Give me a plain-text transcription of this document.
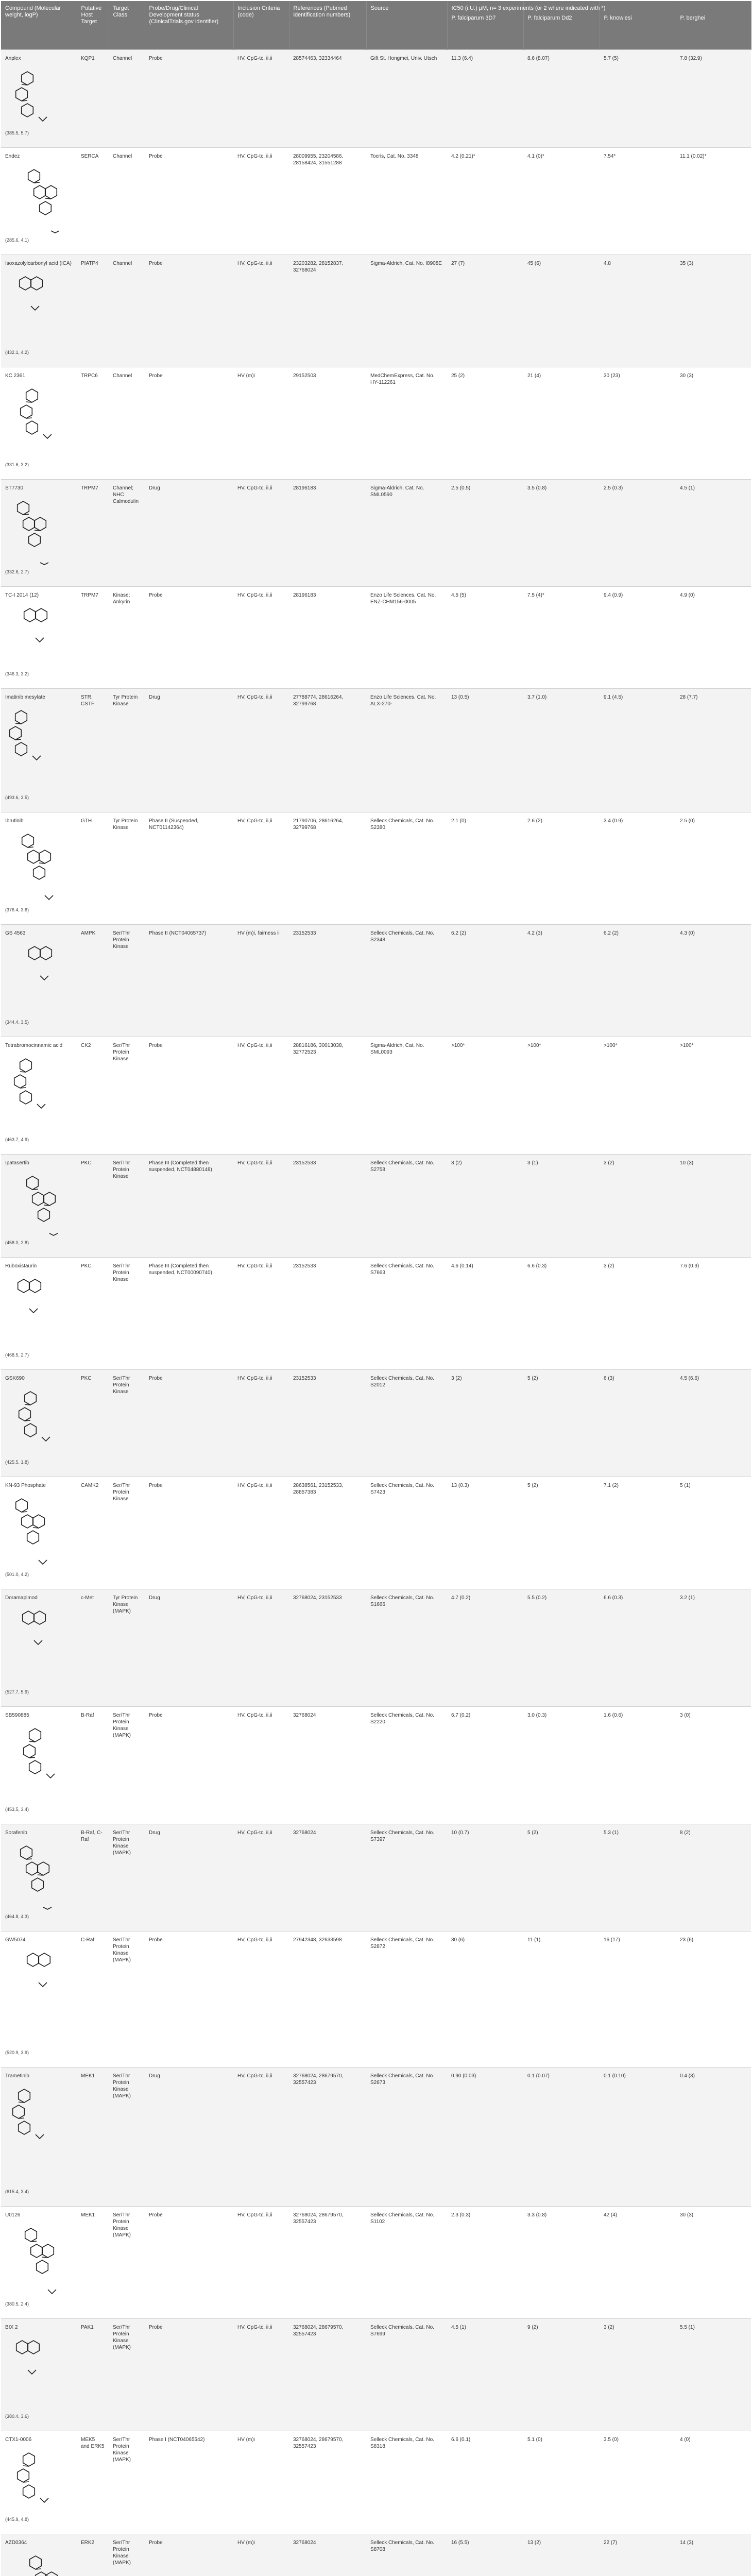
Compound (Molecular weight, logP)	Putative Host Target	Target Class	Probe/Drug/Clinical Development status (ClinicalTrials.gov identifier)	Inclusion Criteria (code)	References (Pubmed identification numbers)	Source	IC50 (i.U.) μM, n= 3 experiments (or 2 where indicated with *)
P. falciparum 3D7	P. falciparum Dd2	P. knowlesi	P. berghei

Anplex
(385.5, 5.7)	KQP1	Channel	Probe	HV, CpG-tc, ii,ii	28574463, 32334464	Gift St. Hongmei, Univ. Utsch	11.3 (6.4)	8.6 (8.07)	5.7 (5)	7.8 (32.9)

Endez
(285.6, 4.1)	SERCA	Channel	Probe	HV, CpG-tc, ii,ii	28009955, 23204586, 28158424, 31551288	Tocris, Cat. No. 3348	4.2 (0.21)*	4.1 (0)*	7.54*	11.1 (0.02)*

Isoxazolylcarbonyl acid (ICA)
(432.1, 4.2)	PfATP4	Channel	Probe	HV, CpG-tc, ii,ii	23203282, 28152837, 32768024	Sigma-Aldrich, Cat. No. I8908E	27 (7)	45 (6)	4.8	35 (3)

KC 2361
(331.6, 3.2)	TRPC6	Channel	Probe	HV (m)i	29152503	MedChemExpress, Cat. No. HY-112261	25 (2)	21 (4)	30 (23)	30 (3)

ST7730
(332.6, 2.7)	TRPM7	Channel; NHC Calmodulin	Drug	HV, CpG-tc, ii,ii	28196183	Sigma-Aldrich, Cat. No. SML0590	2.5 (0.5)	3.5 (0.8)	2.5 (0.3)	4.5 (1)

TC-I 2014 (12)
(346.3, 3.2)	TRPM7	Kinase; Ankyrin	Probe	HV, CpG-tc, ii,ii	28196183	Enzo Life Sciences, Cat. No. ENZ-CHM156-0005	4.5 (5)	7.5 (4)*	9.4 (0.9)	4.9 (0)

Imatinib mesylate
(493.6, 3.5)	STR, CSTF	Tyr Protein Kinase	Drug	HV, CpG-tc, ii,ii	27788774, 28616264, 32799768	Enzo Life Sciences, Cat. No. ALX-270-	13 (0.5)	3.7 (1.0)	9.1 (4.5)	28 (7.7)

Ibrutinib
(376.4, 3.6)	GTH	Tyr Protein Kinase	Phase II (Suspended, NCT01142364)	HV, CpG-tc, ii,ii	21790706, 28616264, 32799768	Selleck Chemicals, Cat. No. S2380	2.1 (0)	2.6 (2)	3.4 (0.9)	2.5 (0)

GS 4563
(344.4, 3.5)	AMPK	Ser/Thr Protein Kinase	Phase II (NCT04065737)	HV (m)i, fairness ii	23152533	Selleck Chemicals, Cat. No. S2348	6.2 (2)	4.2 (3)	6.2 (2)	4.3 (0)

Tetrabromocinnamic acid
(463.7, 4.9)	CK2	Ser/Thr Protein Kinase	Probe	HV, CpG-tc, ii,ii	28816186, 30013038, 32772523	Sigma-Aldrich, Cat. No. SML0093	>100*	>100*	>100*	>100*

Ipatasertib
(458.0, 2.8)	PKC	Ser/Thr Protein Kinase	Phase III (Completed then suspended, NCT04880148)	HV, CpG-tc, ii,ii	23152533	Selleck Chemicals, Cat. No. S2758	3 (2)	3 (1)	3 (2)	10 (3)

Ruboxistaurin
(468.5, 2.7)	PKC	Ser/Thr Protein Kinase	Phase III (Completed then suspended, NCT00090740)	HV, CpG-tc, ii,ii	23152533	Selleck Chemicals, Cat. No. S7663	4.6 (0.14)	6.6 (0.3)	3 (2)	7.6 (0.9)

GSK690
(425.5, 1.8)	PKC	Ser/Thr Protein Kinase	Probe	HV, CpG-tc, ii,ii	23152533	Selleck Chemicals, Cat. No. S2012	3 (2)	5 (2)	6 (3)	4.5 (6.6)

KN-93 Phosphate
(501.0, 4.2)	CAMK2	Ser/Thr Protein Kinase	Probe	HV, CpG-tc, ii,ii	28638561, 23152533, 28857383	Selleck Chemicals, Cat. No. S7423	13 (0.3)	5 (2)	7.1 (2)	5 (1)

Doramapimod
(527.7, 5.9)	c-Met	Tyr Protein Kinase (MAPK)	Drug	HV, CpG-tc, ii,ii	32768024, 23152533	Selleck Chemicals, Cat. No. S1666	4.7 (0.2)	5.5 (0.2)	6.6 (0.3)	3.2 (1)

SB590885
(453.5, 3.4)	B-Raf	Ser/Thr Protein Kinase (MAPK)	Probe	HV, CpG-tc, ii,ii	32768024	Selleck Chemicals, Cat. No. S2220	6.7 (0.2)	3.0 (0.3)	1.6 (0.6)	3 (0)

Sorafenib
(464.8, 4.3)	B-Raf, C-Raf	Ser/Thr Protein Kinase (MAPK)	Drug	HV, CpG-tc, ii,ii	32768024	Selleck Chemicals, Cat. No. S7397	10 (0.7)	5 (2)	5.3 (1)	8 (2)

GW5074
(520.9, 3.9)	C-Raf	Ser/Thr Protein Kinase (MAPK)	Probe	HV, CpG-tc, ii,ii	27942348, 32633598	Selleck Chemicals, Cat. No. S2872	30 (6)	11 (1)	16 (17)	23 (6)

Trametinib
(615.4, 3.4)	MEK1	Ser/Thr Protein Kinase (MAPK)	Drug	HV, CpG-tc, ii,ii	32768024, 28679570, 32557423	Selleck Chemicals, Cat. No. S2673	0.90 (0.03)	0.1 (0.07)	0.1 (0.10)	0.4 (3)

U0126
(380.5, 2.4)	MEK1	Ser/Thr Protein Kinase (MAPK)	Probe	HV, CpG-tc, ii,ii	32768024, 28679570, 32557423	Selleck Chemicals, Cat. No. S1102	2.3 (0.3)	3.3 (0.8)	42 (4)	30 (3)

BIX 2
(380.4, 3.6)	PAK1	Ser/Thr Protein Kinase (MAPK)	Probe	HV, CpG-tc, ii,ii	32768024, 28679570, 32557423	Selleck Chemicals, Cat. No. S7699	4.5 (1)	9 (2)	3 (2)	5.5 (1)

CTX1-0006
(445.9, 4.8)	MEK5 and ERK5	Ser/Thr Protein Kinase (MAPK)	Phase I (NCT04065542)	HV (m)i	32768024, 28679570, 32557423	Selleck Chemicals, Cat. No. S8318	6.6 (0.1)	5.1 (0)	3.5 (0)	4 (0)

AZD0364	ERK2	Ser/Thr Protein Kinase (MAPK)	Probe	HV (m)i	32768024	Selleck Chemicals, Cat. No. S8708	16 (5.5)	13 (2)	22 (7)	14 (3)
